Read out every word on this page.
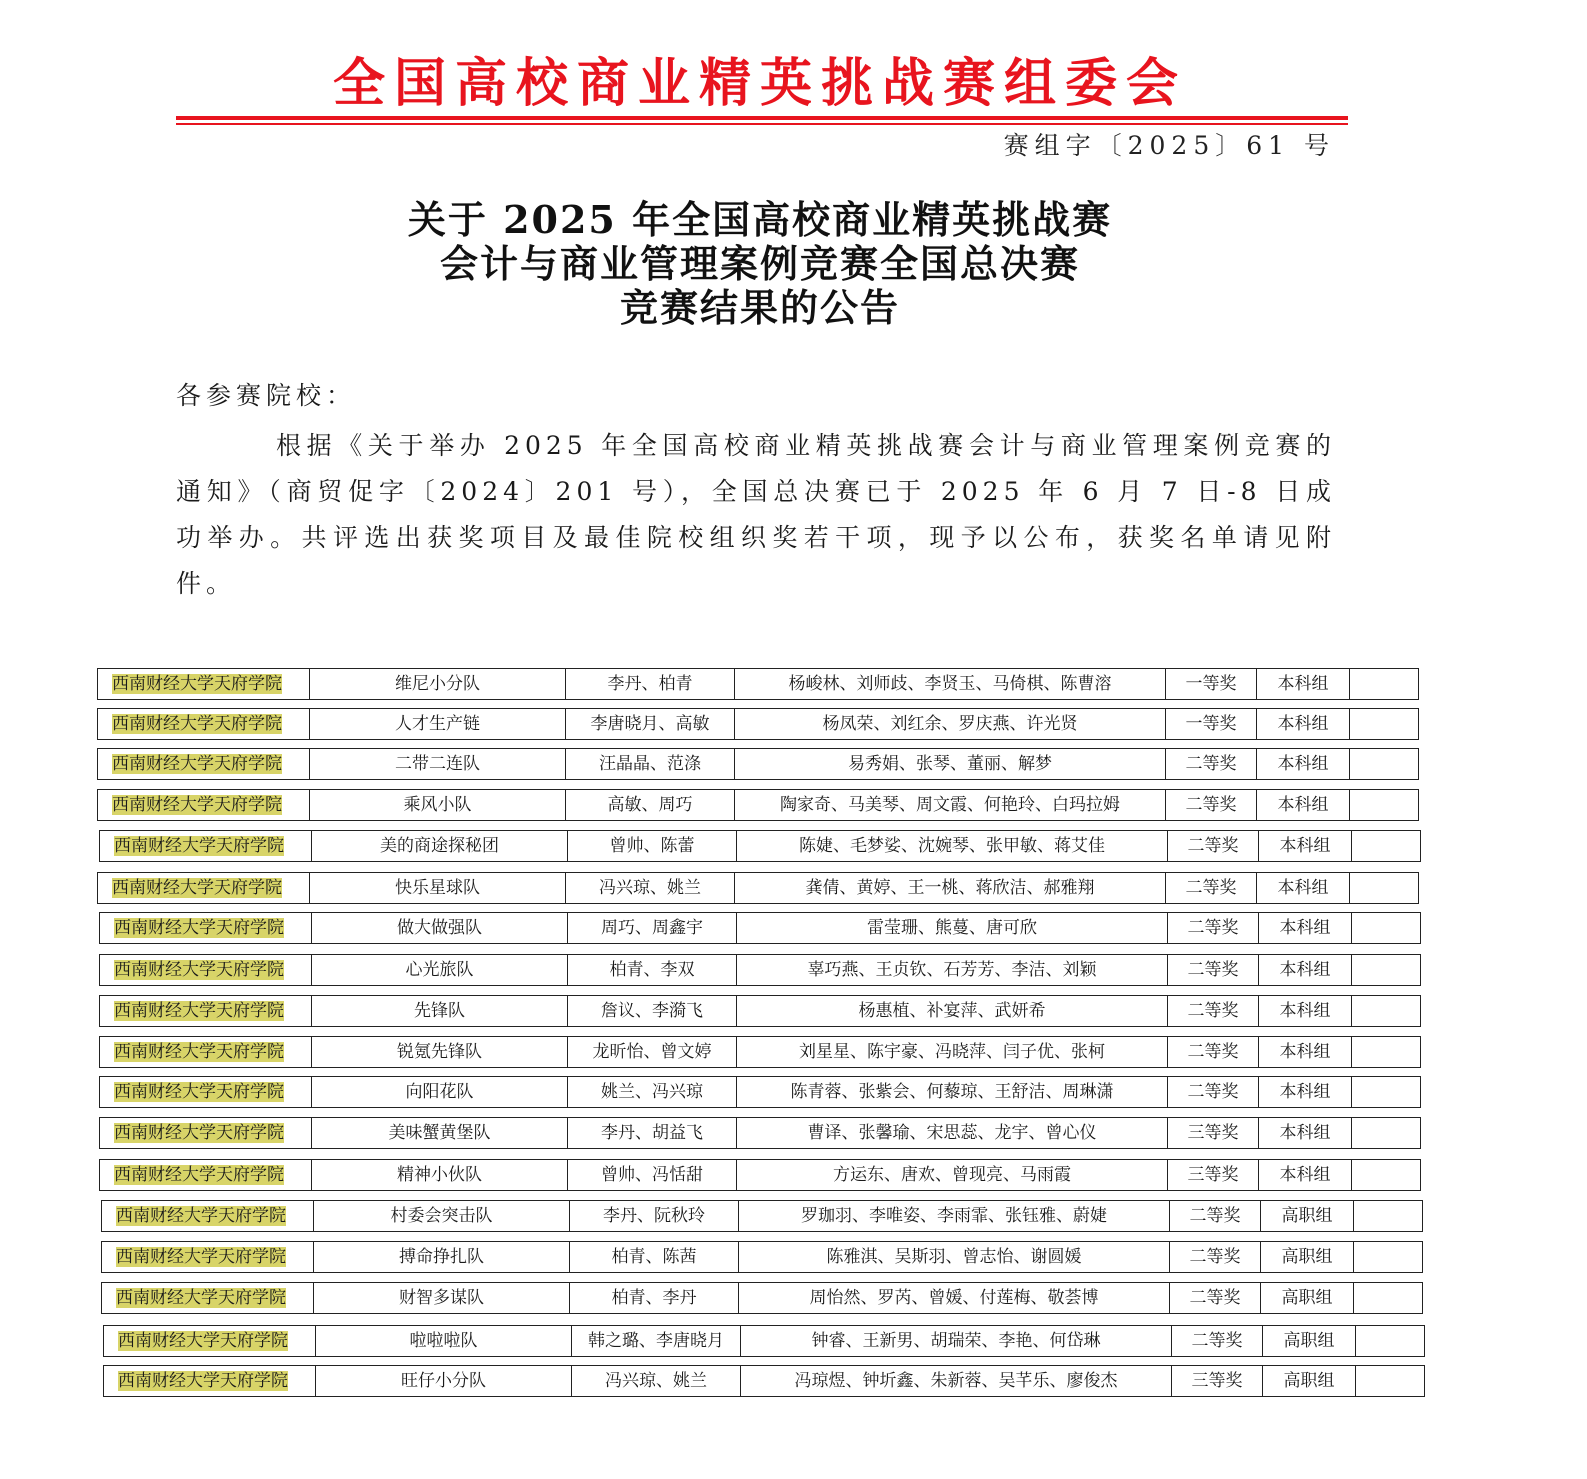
全国高校商业精英挑战赛组委会
赛组字〔2025〕61 号
关于 2025 年全国高校商业精英挑战赛
会计与商业管理案例竞赛全国总决赛
竞赛结果的公告
各参赛院校：
根据《关于举办 2025 年全国高校商业精英挑战赛会计与商业管理案例竞赛的通知》（商贸促字〔2024〕201 号），全国总决赛已于 2025 年 6 月 7 日-8 日成功举办。共评选出获奖项目及最佳院校组织奖若干项，现予以公布，获奖名单请见附件。
西南财经大学天府学院	维尼小分队	李丹、柏青	杨峻林、刘师歧、李贤玉、马倚棋、陈曹溶	一等奖	本科组
西南财经大学天府学院	人才生产链	李唐晓月、高敏	杨凤荣、刘红余、罗庆燕、许光贤	一等奖	本科组
西南财经大学天府学院	二带二连队	汪晶晶、范涤	易秀娟、张琴、董丽、解梦	二等奖	本科组
西南财经大学天府学院	乘风小队	高敏、周巧	陶家奇、马美琴、周文霞、何艳玲、白玛拉姆	二等奖	本科组
西南财经大学天府学院	美的商途探秘团	曾帅、陈蕾	陈婕、毛梦娑、沈婉琴、张甲敏、蒋艾佳	二等奖	本科组
西南财经大学天府学院	快乐星球队	冯兴琼、姚兰	龚倩、黄婷、王一桃、蒋欣洁、郝雅翔	二等奖	本科组
西南财经大学天府学院	做大做强队	周巧、周鑫宇	雷莹珊、熊蔓、唐可欣	二等奖	本科组
西南财经大学天府学院	心光旅队	柏青、李双	辜巧燕、王贞钦、石芳芳、李洁、刘颖	二等奖	本科组
西南财经大学天府学院	先锋队	詹议、李漪飞	杨惠植、补宴萍、武妍希	二等奖	本科组
西南财经大学天府学院	锐氪先锋队	龙昕怡、曾文婷	刘星星、陈宇豪、冯晓萍、闫子优、张柯	二等奖	本科组
西南财经大学天府学院	向阳花队	姚兰、冯兴琼	陈青蓉、张紫会、何藜琼、王舒洁、周琳潇	二等奖	本科组
西南财经大学天府学院	美味蟹黄堡队	李丹、胡益飞	曹译、张馨瑜、宋思蕊、龙宇、曾心仪	三等奖	本科组
西南财经大学天府学院	精神小伙队	曾帅、冯恬甜	方运东、唐欢、曾现亮、马雨霞	三等奖	本科组
西南财经大学天府学院	村委会突击队	李丹、阮秋玲	罗珈羽、李唯姿、李雨霏、张钰雅、蔚婕	二等奖	高职组
西南财经大学天府学院	搏命挣扎队	柏青、陈茜	陈雅淇、吴斯羽、曾志怡、谢圆媛	二等奖	高职组
西南财经大学天府学院	财智多谋队	柏青、李丹	周怡然、罗芮、曾媛、付莲梅、敬荟博	二等奖	高职组
西南财经大学天府学院	啦啦啦队	韩之璐、李唐晓月	钟睿、王新男、胡瑞荣、李艳、何岱琳	二等奖	高职组
西南财经大学天府学院	旺仔小分队	冯兴琼、姚兰	冯琼煜、钟圻鑫、朱新蓉、吴芊乐、廖俊杰	三等奖	高职组
